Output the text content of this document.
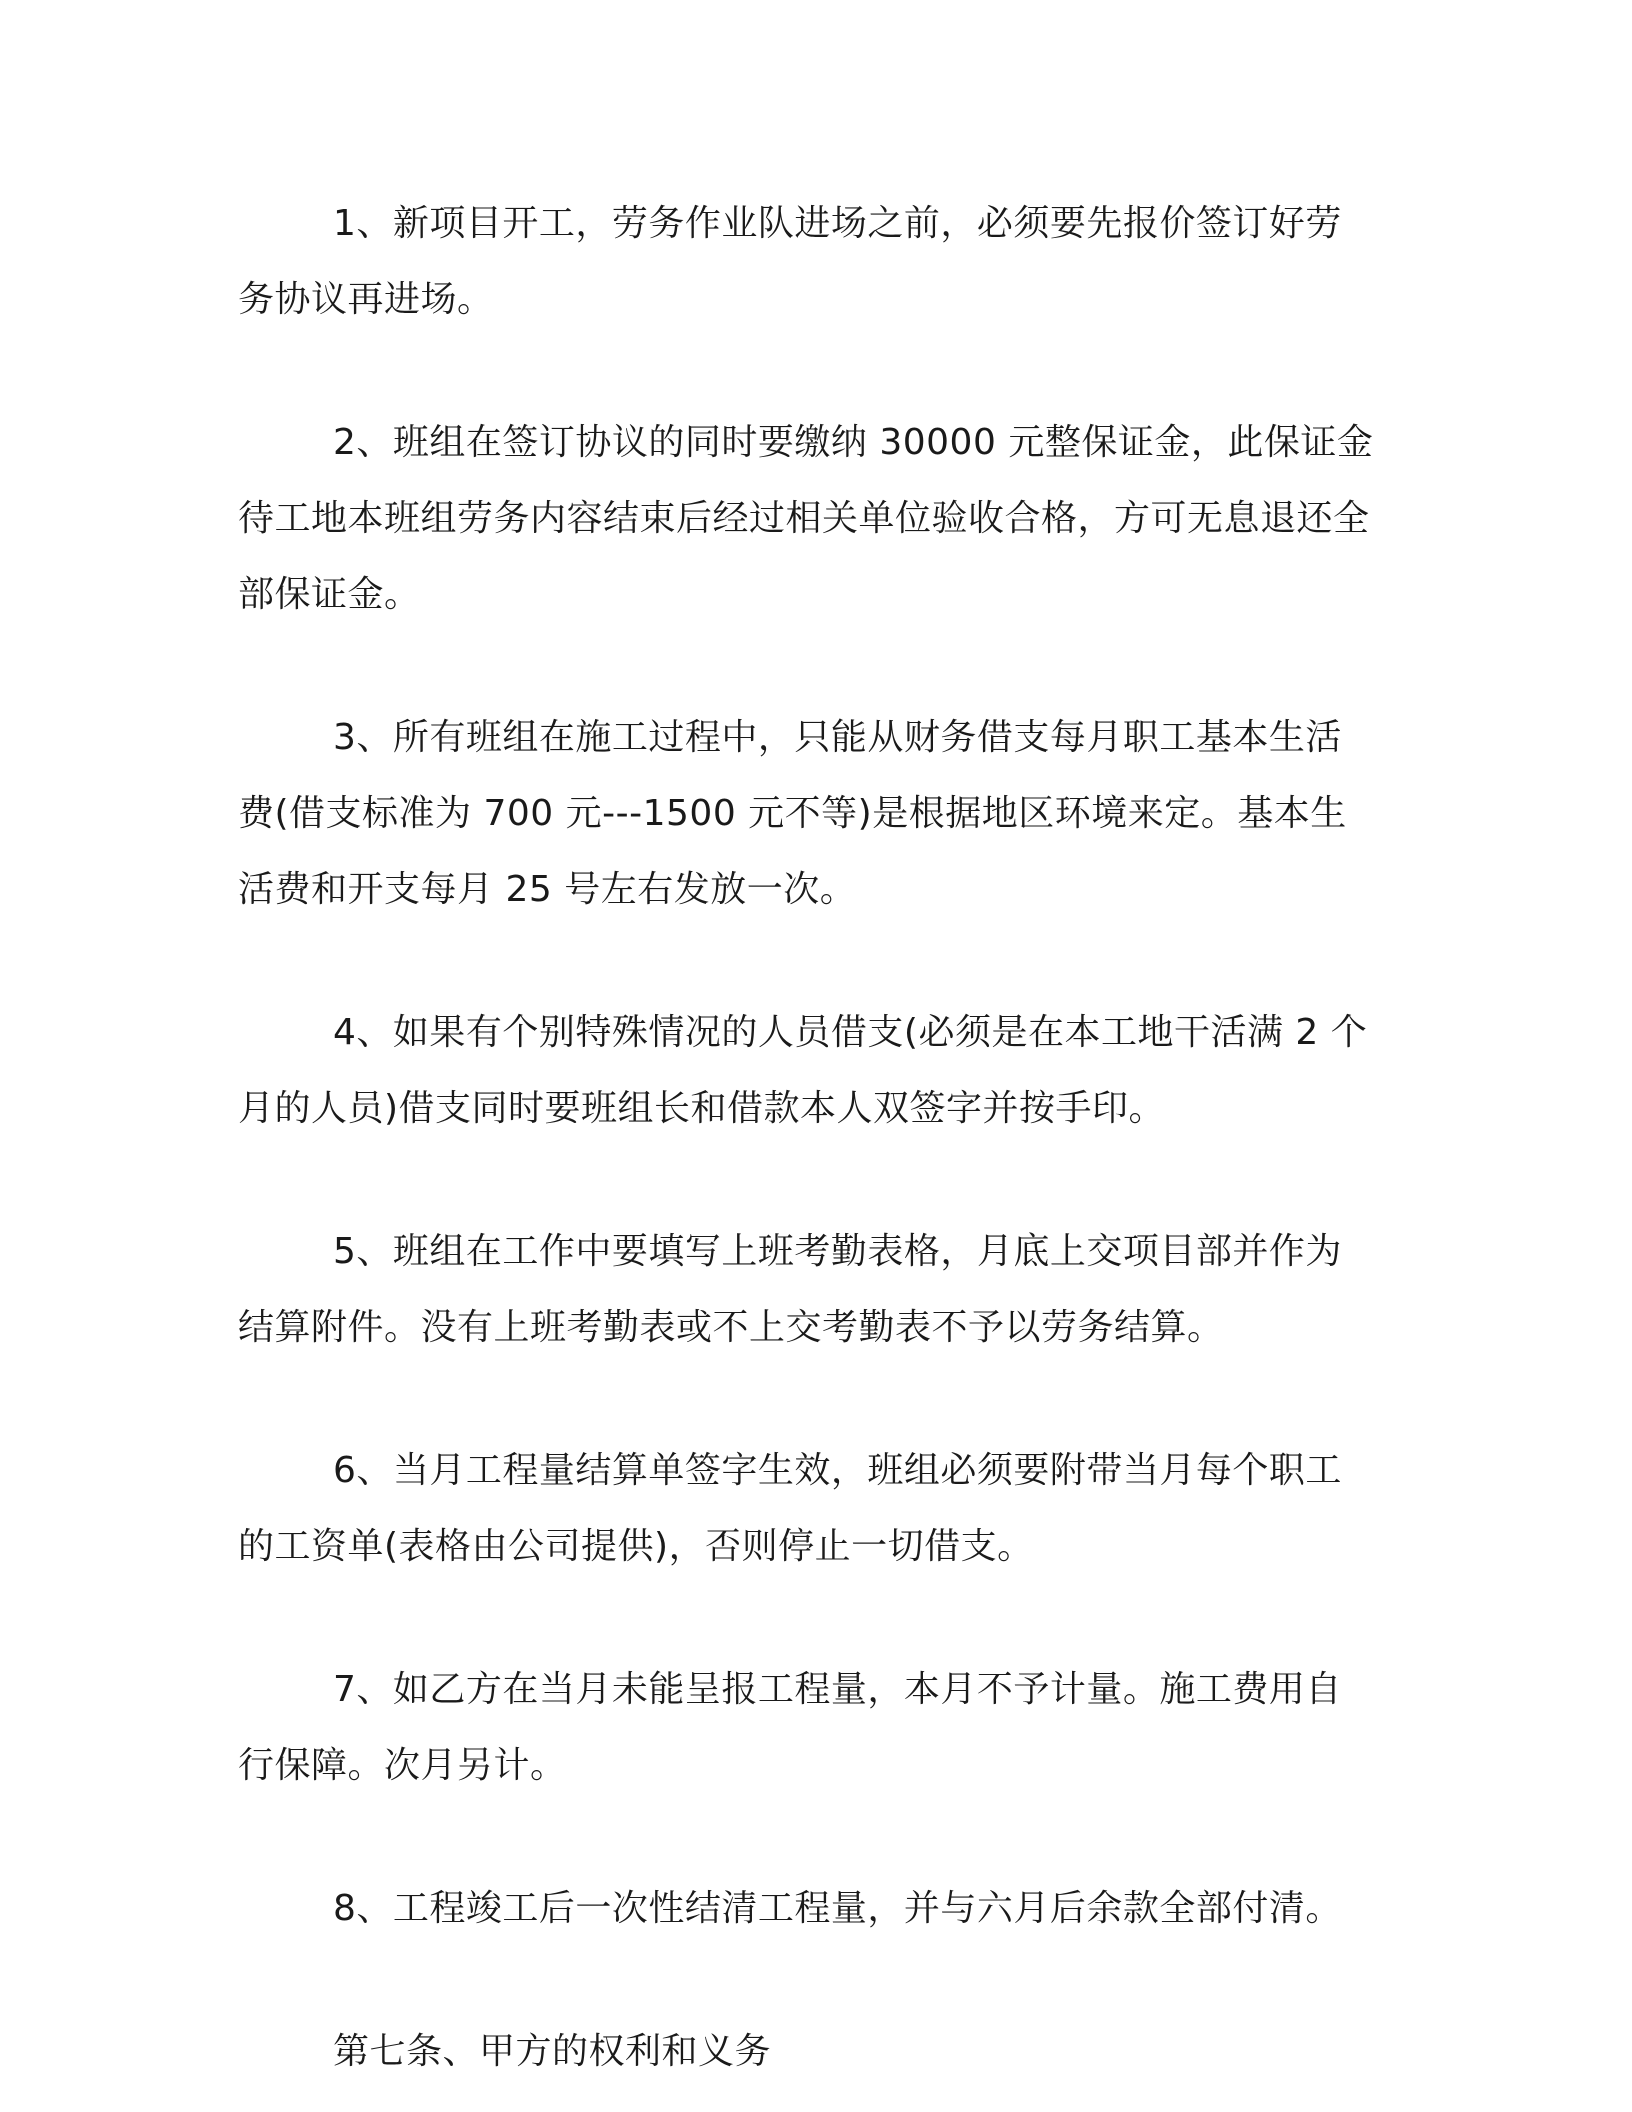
1、新项目开工，劳务作业队进场之前，必须要先报价签订好劳务协议再进场。

2、班组在签订协议的同时要缴纳 30000 元整保证金，此保证金待工地本班组劳务内容结束后经过相关单位验收合格，方可无息退还全部保证金。

3、所有班组在施工过程中，只能从财务借支每月职工基本生活费(借支标准为 700 元---1500 元不等)是根据地区环境来定。基本生活费和开支每月 25 号左右发放一次。

4、如果有个别特殊情况的人员借支(必须是在本工地干活满 2 个月的人员)借支同时要班组长和借款本人双签字并按手印。

5、班组在工作中要填写上班考勤表格，月底上交项目部并作为结算附件。没有上班考勤表或不上交考勤表不予以劳务结算。

6、当月工程量结算单签字生效，班组必须要附带当月每个职工的工资单(表格由公司提供)，否则停止一切借支。

7、如乙方在当月未能呈报工程量，本月不予计量。施工费用自行保障。次月另计。

8、工程竣工后一次性结清工程量，并与六月后余款全部付清。

第七条、甲方的权利和义务
